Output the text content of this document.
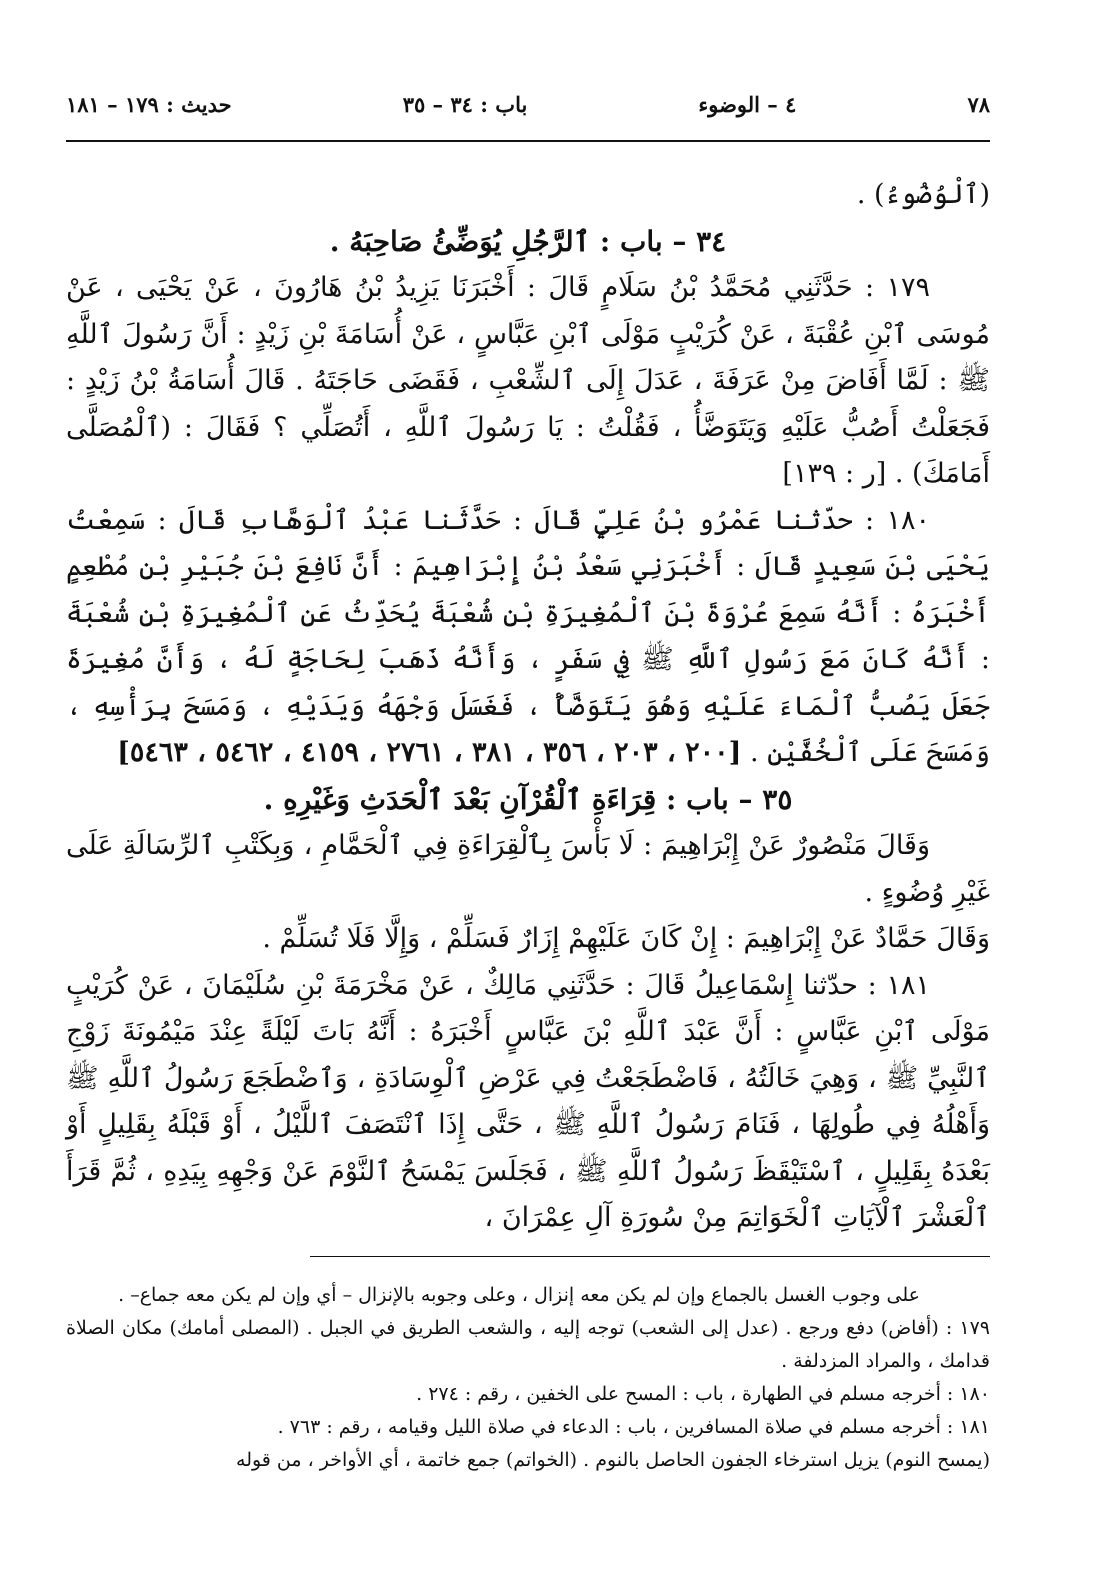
٧٨
٤ – الوضوء
باب : ٣٤ – ٣٥
حديث : ١٧٩ – ١٨١

(ٱلْوُضُوءُ) .

٣٤ – باب : ٱلرَّجُلِ يُوَضِّئُ صَاحِبَهُ .

١٧٩ : حَدَّثَنِي مُحَمَّدُ بْنُ سَلَامٍ قَالَ : أَخْبَرَنَا يَزِيدُ بْنُ هَارُونَ ، عَنْ يَحْيَى ، عَنْ مُوسَى ٱبْنِ عُقْبَةَ ، عَنْ كُرَيْبٍ مَوْلَى ٱبْنِ عَبَّاسٍ ، عَنْ أُسَامَةَ بْنِ زَيْدٍ : أَنَّ رَسُولَ ٱللَّهِ ﷺ : لَمَّا أَفَاضَ مِنْ عَرَفَةَ ، عَدَلَ إِلَى ٱلشِّعْبِ ، فَقَضَى حَاجَتَهُ . قَالَ أُسَامَةُ بْنُ زَيْدٍ : فَجَعَلْتُ أَصُبُّ عَلَيْهِ وَيَتَوَضَّأُ ، فَقُلْتُ : يَا رَسُولَ ٱللَّهِ ، أَتُصَلِّي ؟ فَقَالَ : (ٱلْمُصَلَّى أَمَامَكَ) . [ر : ١٣٩]

١٨٠ : حدّثنا عَمْرُو بْنُ عَلِيٍّ قَالَ : حَدَّثَنا عَبْدُ ٱلْوَهَّابِ قَالَ : سَمِعْتُ يَحْيَى بْنَ سَعِيدٍ قَالَ : أَخْبَرَنِي سَعْدُ بْنُ إِبْرَاهِيمَ : أَنَّ نَافِعَ بْنَ جُبَيْرِ بْنِ مُطْعِمٍ أَخْبَرَهُ : أَنَّهُ سَمِعَ عُرْوَةَ بْنَ ٱلْمُغِيرَةِ بْنِ شُعْبَةَ يُحَدِّثُ عَنِ ٱلْمُغِيرَةِ بْنِ شُعْبَةَ : أَنَّهُ كَانَ مَعَ رَسُولِ ٱللَّهِ ﷺ فِي سَفَرٍ ، وَأَنَّهُ ذَهَبَ لِحَاجَةٍ لَهُ ، وَأَنَّ مُغِيرَةَ جَعَلَ يَصُبُّ ٱلْمَاءَ عَلَيْهِ وَهُوَ يَتَوَضَّأُ ، فَغَسَلَ وَجْهَهُ وَيَدَيْهِ ، وَمَسَحَ بِرَأْسِهِ ، وَمَسَحَ عَلَى ٱلْخُفَّيْنِ . [٢٠٠ ، ٢٠٣ ، ٣٥٦ ، ٣٨١ ، ٢٧٦١ ، ٤١٥٩ ، ٥٤٦٢ ، ٥٤٦٣]

٣٥ – باب : قِرَاءَةِ ٱلْقُرْآنِ بَعْدَ ٱلْحَدَثِ وَغَيْرِهِ .

وَقَالَ مَنْصُورٌ عَنْ إِبْرَاهِيمَ : لَا بَأْسَ بِٱلْقِرَاءَةِ فِي ٱلْحَمَّامِ ، وَبِكَتْبِ ٱلرِّسَالَةِ عَلَى غَيْرِ وُضُوءٍ .

وَقَالَ حَمَّادٌ عَنْ إِبْرَاهِيمَ : إِنْ كَانَ عَلَيْهِمْ إِزَارٌ فَسَلِّمْ ، وَإِلَّا فَلَا تُسَلِّمْ .

١٨١ : حدّثنا إِسْمَاعِيلُ قَالَ : حَدَّثَنِي مَالِكٌ ، عَنْ مَخْرَمَةَ بْنِ سُلَيْمَانَ ، عَنْ كُرَيْبٍ مَوْلَى ٱبْنِ عَبَّاسٍ : أَنَّ عَبْدَ ٱللَّهِ بْنَ عَبَّاسٍ أَخْبَرَهُ : أَنَّهُ بَاتَ لَيْلَةً عِنْدَ مَيْمُونَةَ زَوْجِ ٱلنَّبِيِّ ﷺ ، وَهِيَ خَالَتُهُ ، فَاضْطَجَعْتُ فِي عَرْضِ ٱلْوِسَادَةِ ، وَٱضْطَجَعَ رَسُولُ ٱللَّهِ ﷺ وَأَهْلُهُ فِي طُولِهَا ، فَنَامَ رَسُولُ ٱللَّهِ ﷺ ، حَتَّى إِذَا ٱنْتَصَفَ ٱللَّيْلُ ، أَوْ قَبْلَهُ بِقَلِيلٍ أَوْ بَعْدَهُ بِقَلِيلٍ ، ٱسْتَيْقَظَ رَسُولُ ٱللَّهِ ﷺ ، فَجَلَسَ يَمْسَحُ ٱلنَّوْمَ عَنْ وَجْهِهِ بِيَدِهِ ، ثُمَّ قَرَأَ ٱلْعَشْرَ ٱلْآيَاتِ ٱلْخَوَاتِمَ مِنْ سُورَةِ آلِ عِمْرَانَ ،

على وجوب الغسل بالجماع وإن لم يكن معه إنزال ، وعلى وجوبه بالإنزال – أي وإن لم يكن معه جماع– .

١٧٩ : (أفاض) دفع ورجع . (عدل إلى الشعب) توجه إليه ، والشعب الطريق في الجبل . (المصلى أمامك) مكان الصلاة قدامك ، والمراد المزدلفة .

١٨٠ : أخرجه مسلم في الطهارة ، باب : المسح على الخفين ، رقم : ٢٧٤ .

١٨١ : أخرجه مسلم في صلاة المسافرين ، باب : الدعاء في صلاة الليل وقيامه ، رقم : ٧٦٣ .

(يمسح النوم) يزيل استرخاء الجفون الحاصل بالنوم . (الخواتم) جمع خاتمة ، أي الأواخر ، من قوله
